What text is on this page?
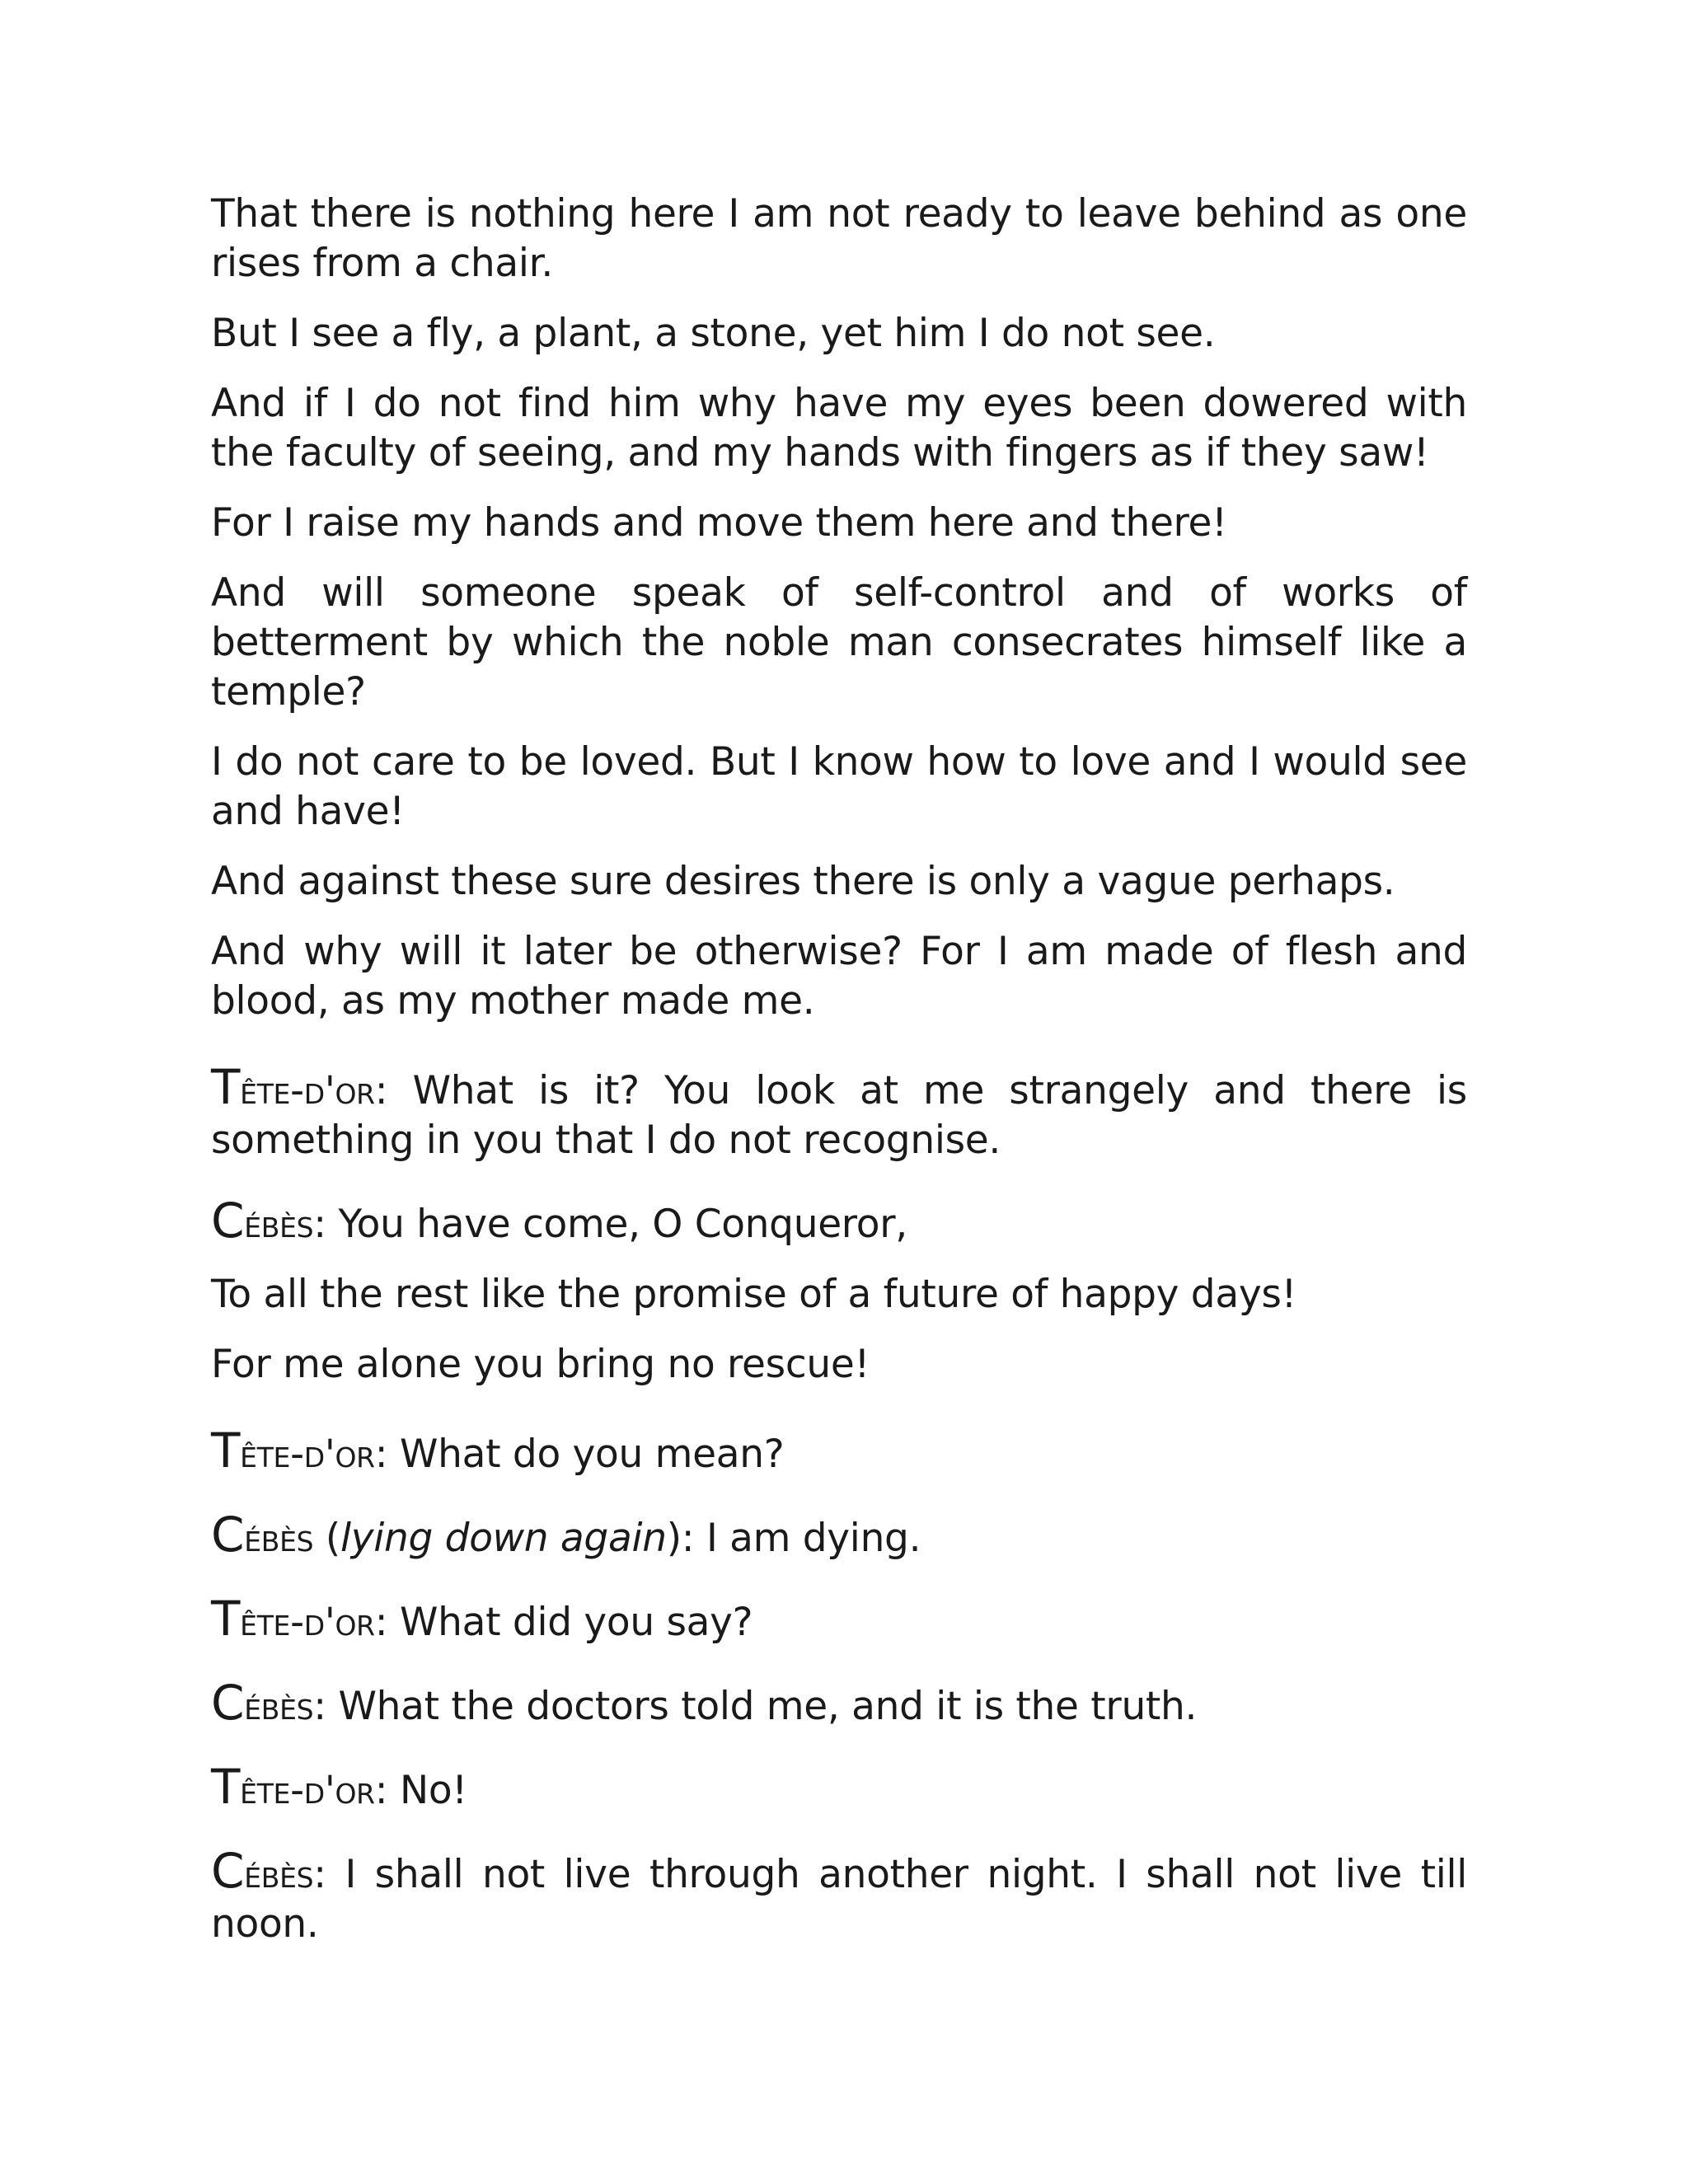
That there is nothing here I am not ready to leave behind as one rises from a chair.

But I see a fly, a plant, a stone, yet him I do not see.

And if I do not find him why have my eyes been dowered with the faculty of seeing, and my hands with fingers as if they saw!

For I raise my hands and move them here and there!

And will someone speak of self-control and of works of betterment by which the noble man consecrates himself like a temple?

I do not care to be loved. But I know how to love and I would see and have!

And against these sure desires there is only a vague perhaps.

And why will it later be otherwise? For I am made of flesh and blood, as my mother made me.

Tête-d'or: What is it? You look at me strangely and there is something in you that I do not recognise.

Cébès: You have come, O Conqueror,

To all the rest like the promise of a future of happy days!

For me alone you bring no rescue!

Tête-d'or: What do you mean?

Cébès (lying down again): I am dying.

Tête-d'or: What did you say?

Cébès: What the doctors told me, and it is the truth.

Tête-d'or: No!

Cébès: I shall not live through another night. I shall not live till noon.
